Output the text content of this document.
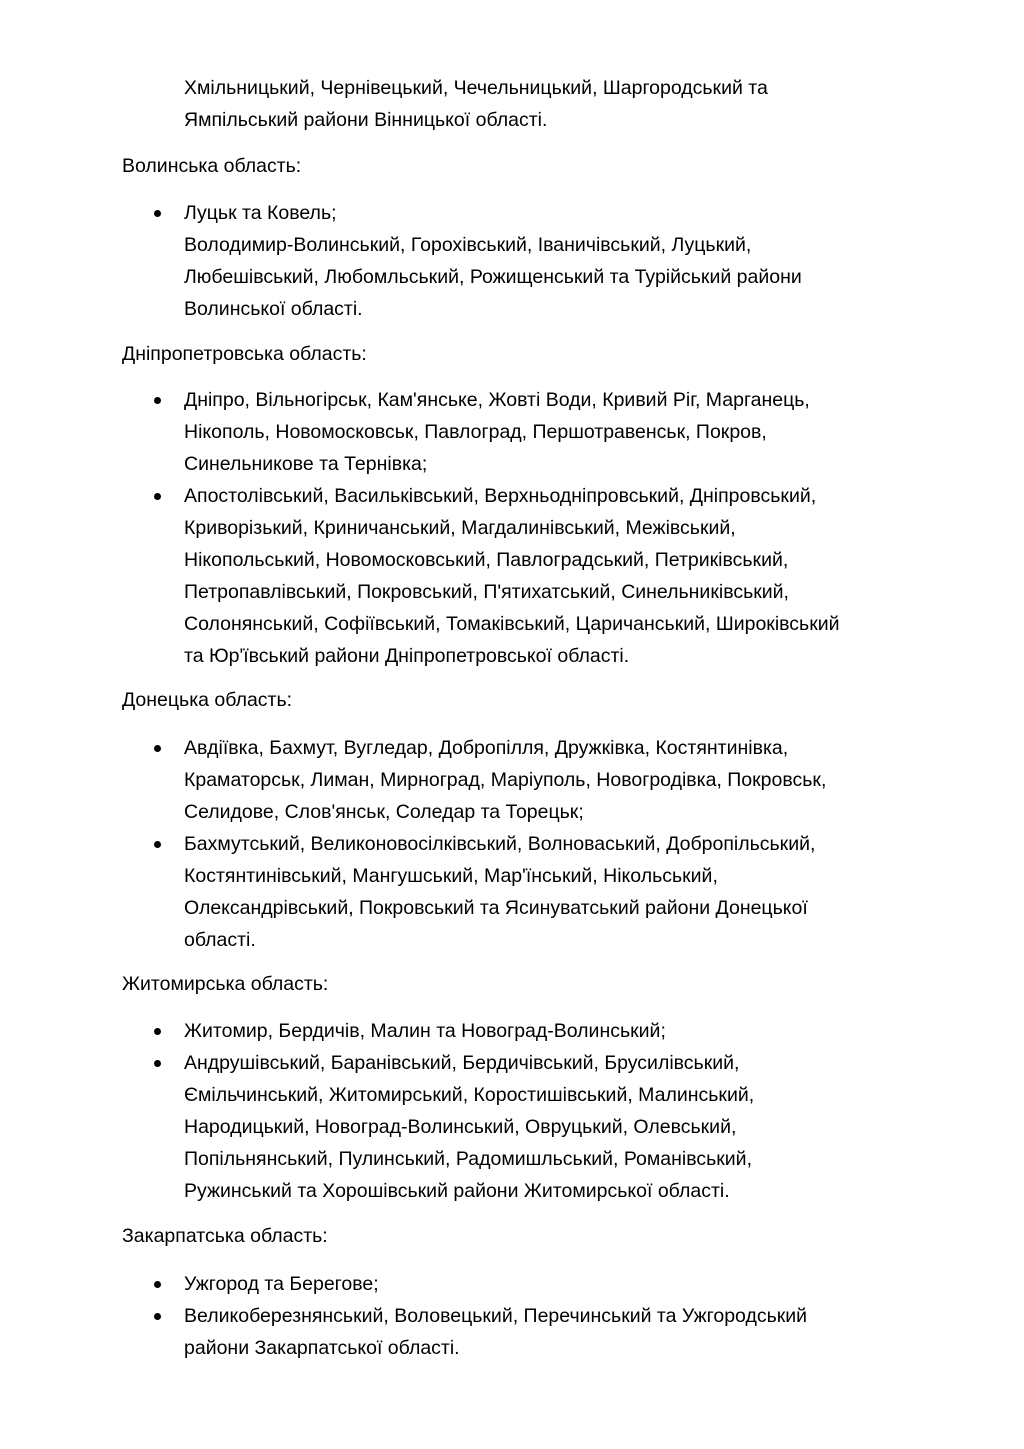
Хмільницький, Чернівецький, Чечельницький, Шаргородський та
Ямпільський райони Вінницької області.
Волинська область:
Луцьк та Ковель;
Володимир-Волинський, Горохівський, Іваничівський, Луцький,
Любешівський, Любомльський, Рожищенський та Турійський райони
Волинської області.
Дніпропетровська область:
Дніпро, Вільногірськ, Кам'янське, Жовті Води, Кривий Ріг, Марганець,
Нікополь, Новомосковськ, Павлоград, Першотравенськ, Покров,
Синельникове та Тернівка;
Апостолівський, Васильківський, Верхньодніпровський, Дніпровський,
Криворізький, Криничанський, Магдалинівський, Межівський,
Нікопольський, Новомосковський, Павлоградський, Петриківський,
Петропавлівський, Покровський, П'ятихатський, Синельниківський,
Солонянський, Софіївський, Томаківський, Царичанський, Широківський
та Юр'ївський райони Дніпропетровської області.
Донецька область:
Авдіївка, Бахмут, Вугледар, Добропілля, Дружківка, Костянтинівка,
Краматорськ, Лиман, Мирноград, Маріуполь, Новогродівка, Покровськ,
Селидове, Слов'янськ, Соледар та Торецьк;
Бахмутський, Великоновосілківський, Волноваський, Добропільський,
Костянтинівський, Мангушський, Мар'їнський, Нікольський,
Олександрівський, Покровський та Ясинуватський райони Донецької
області.
Житомирська область:
Житомир, Бердичів, Малин та Новоград-Волинський;
Андрушівський, Баранівський, Бердичівський, Брусилівський,
Ємільчинський, Житомирський, Коростишівський, Малинський,
Народицький, Новоград-Волинський, Овруцький, Олевський,
Попільнянський, Пулинський, Радомишльський, Романівський,
Ружинський та Хорошівський райони Житомирської області.
Закарпатська область:
Ужгород та Берегове;
Великоберезнянський, Воловецький, Перечинський та Ужгородський
райони Закарпатської області.
